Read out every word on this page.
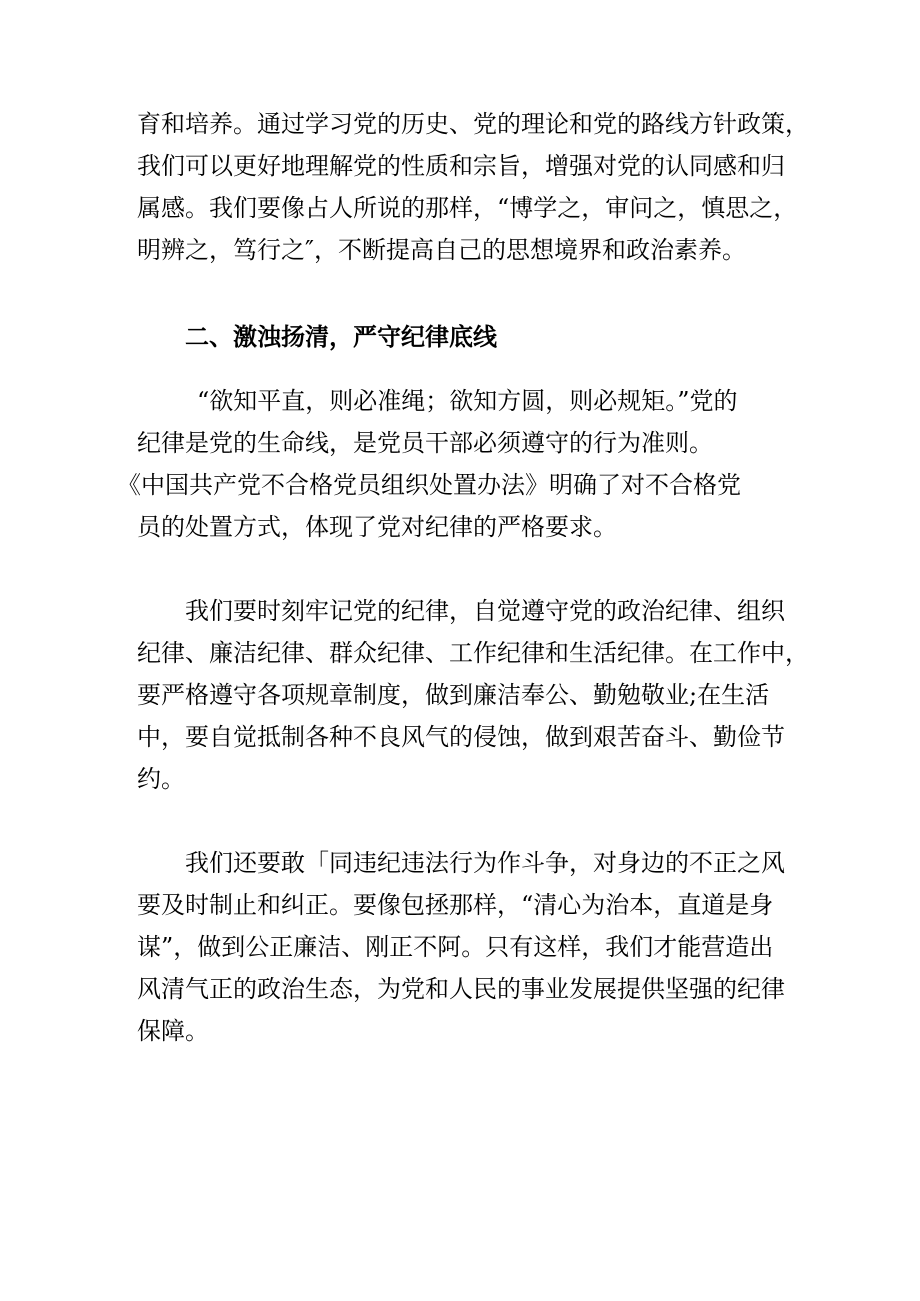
育和培养。通过学习党的历史、党的理论和党的路线方针政策，
我们可以更好地理解党的性质和宗旨，增强对党的认同感和归
属感。我们要像占人所说的那样，“博学之，审问之，慎思之，
明辨之，笃行之″，不断提高自己的思想境界和政治素养。
二、激浊扬清，严守纪律底线
“欲知平直，则必准绳；欲知方圆，则必规矩。”党的
纪律是党的生命线，是党员干部必须遵守的行为准则。
《中国共产党不合格党员组织处置办法》明确了对不合格党
员的处置方式，体现了党对纪律的严格要求。
我们要时刻牢记党的纪律，自觉遵守党的政治纪律、组织
纪律、廉洁纪律、群众纪律、工作纪律和生活纪律。在工作中，
要严格遵守各项规章制度，做到廉洁奉公、勤勉敬业;在生活
中，要自觉抵制各种不良风气的侵蚀，做到艰苦奋斗、勤俭节
约。
我们还要敢「同违纪违法行为作斗争，对身边的不正之风
要及时制止和纠正。要像包拯那样，“清心为治本，直道是身
谋”，做到公正廉洁、刚正不阿。只有这样，我们才能营造出
风清气正的政治生态，为党和人民的事业发展提供坚强的纪律
保障。
